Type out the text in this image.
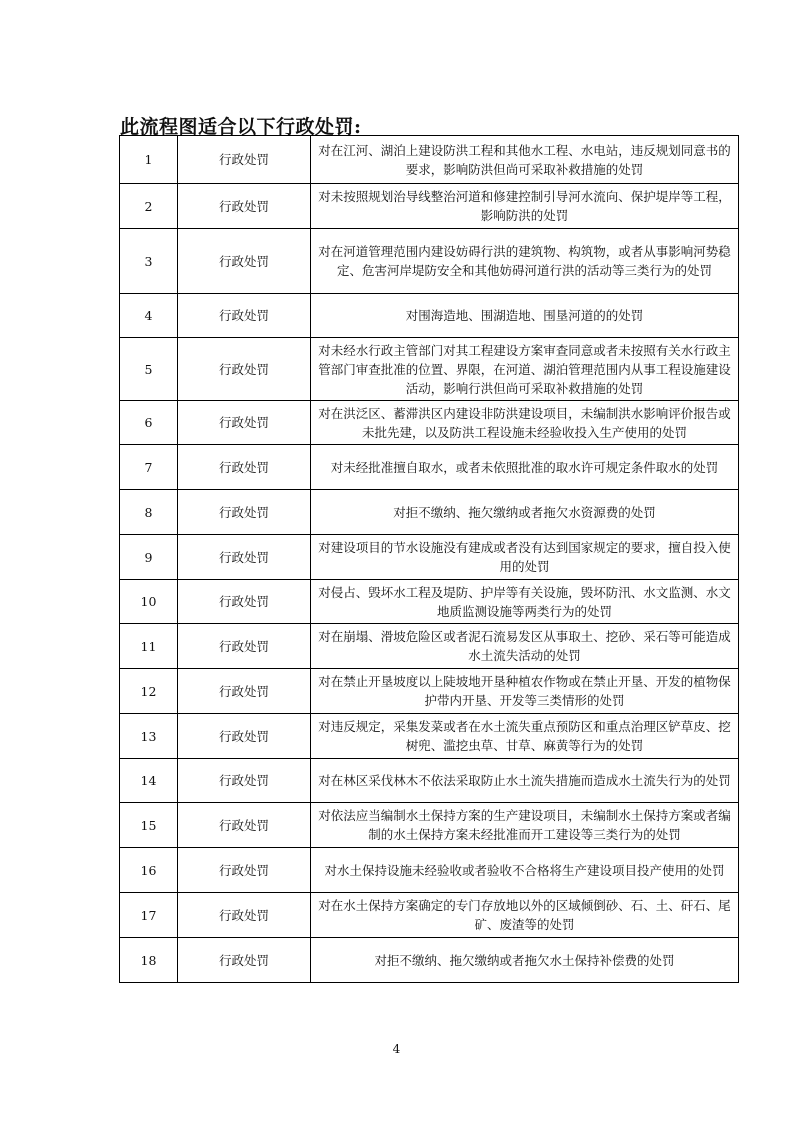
此流程图适合以下行政处罚:
1	行政处罚	对在江河、湖泊上建设防洪工程和其他水工程、水电站，违反规划同意书的要求，影响防洪但尚可采取补救措施的处罚
2	行政处罚	对未按照规划治导线整治河道和修建控制引导河水流向、保护堤岸等工程，影响防洪的处罚
3	行政处罚	对在河道管理范围内建设妨碍行洪的建筑物、构筑物，或者从事影响河势稳定、危害河岸堤防安全和其他妨碍河道行洪的活动等三类行为的处罚
4	行政处罚	对围海造地、围湖造地、围垦河道的的处罚
5	行政处罚	对未经水行政主管部门对其工程建设方案审查同意或者未按照有关水行政主管部门审查批准的位置、界限，在河道、湖泊管理范围内从事工程设施建设活动，影响行洪但尚可采取补救措施的处罚
6	行政处罚	对在洪泛区、蓄滞洪区内建设非防洪建设项目，未编制洪水影响评价报告或未批先建，以及防洪工程设施未经验收投入生产使用的处罚
7	行政处罚	对未经批准擅自取水，或者未依照批准的取水许可规定条件取水的处罚
8	行政处罚	对拒不缴纳、拖欠缴纳或者拖欠水资源费的处罚
9	行政处罚	对建设项目的节水设施没有建成或者没有达到国家规定的要求，擅自投入使用的处罚
10	行政处罚	对侵占、毁坏水工程及堤防、护岸等有关设施，毁坏防汛、水文监测、水文地质监测设施等两类行为的处罚
11	行政处罚	对在崩塌、滑坡危险区或者泥石流易发区从事取土、挖砂、采石等可能造成水土流失活动的处罚
12	行政处罚	对在禁止开垦坡度以上陡坡地开垦种植农作物或在禁止开垦、开发的植物保护带内开垦、开发等三类情形的处罚
13	行政处罚	对违反规定，采集发菜或者在水土流失重点预防区和重点治理区铲草皮、挖树兜、滥挖虫草、甘草、麻黄等行为的处罚
14	行政处罚	对在林区采伐林木不依法采取防止水土流失措施而造成水土流失行为的处罚
15	行政处罚	对依法应当编制水土保持方案的生产建设项目，未编制水土保持方案或者编制的水土保持方案未经批准而开工建设等三类行为的处罚
16	行政处罚	对水土保持设施未经验收或者验收不合格将生产建设项目投产使用的处罚
17	行政处罚	对在水土保持方案确定的专门存放地以外的区域倾倒砂、石、土、矸石、尾矿、废渣等的处罚
18	行政处罚	对拒不缴纳、拖欠缴纳或者拖欠水土保持补偿费的处罚
4
